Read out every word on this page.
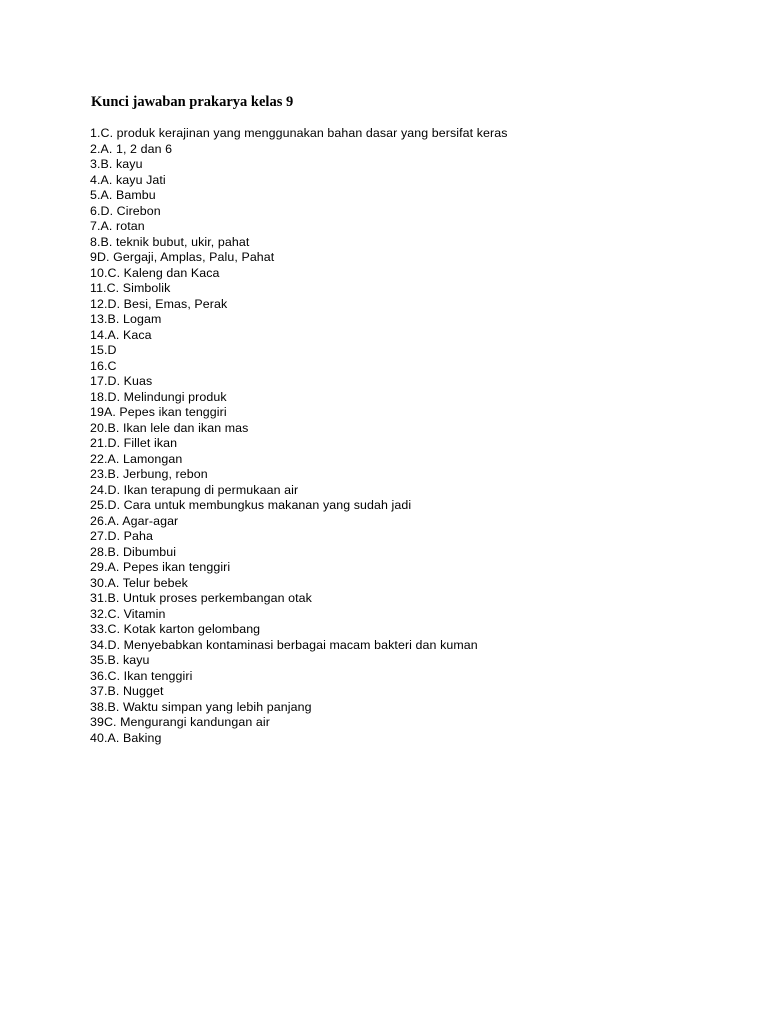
Kunci jawaban prakarya kelas 9
1.C. produk kerajinan yang menggunakan bahan dasar yang bersifat keras
2.A. 1, 2 dan 6
3.B. kayu
4.A. kayu Jati
5.A. Bambu
6.D. Cirebon
7.A. rotan
8.B. teknik bubut, ukir, pahat
9D. Gergaji, Amplas, Palu, Pahat
10.C. Kaleng dan Kaca
11.C. Simbolik
12.D. Besi, Emas, Perak
13.B. Logam
14.A. Kaca
15.D
16.C
17.D. Kuas
18.D. Melindungi produk
19A. Pepes ikan tenggiri
20.B. Ikan lele dan ikan mas
21.D. Fillet ikan
22.A. Lamongan
23.B. Jerbung, rebon
24.D. Ikan terapung di permukaan air
25.D. Cara untuk membungkus makanan yang sudah jadi
26.A. Agar-agar
27.D. Paha
28.B. Dibumbui
29.A. Pepes ikan tenggiri
30.A. Telur bebek
31.B. Untuk proses perkembangan otak
32.C. Vitamin
33.C. Kotak karton gelombang
34.D. Menyebabkan kontaminasi berbagai macam bakteri dan kuman
35.B. kayu
36.C. Ikan tenggiri
37.B. Nugget
38.B. Waktu simpan yang lebih panjang
39C. Mengurangi kandungan air
40.A. Baking
